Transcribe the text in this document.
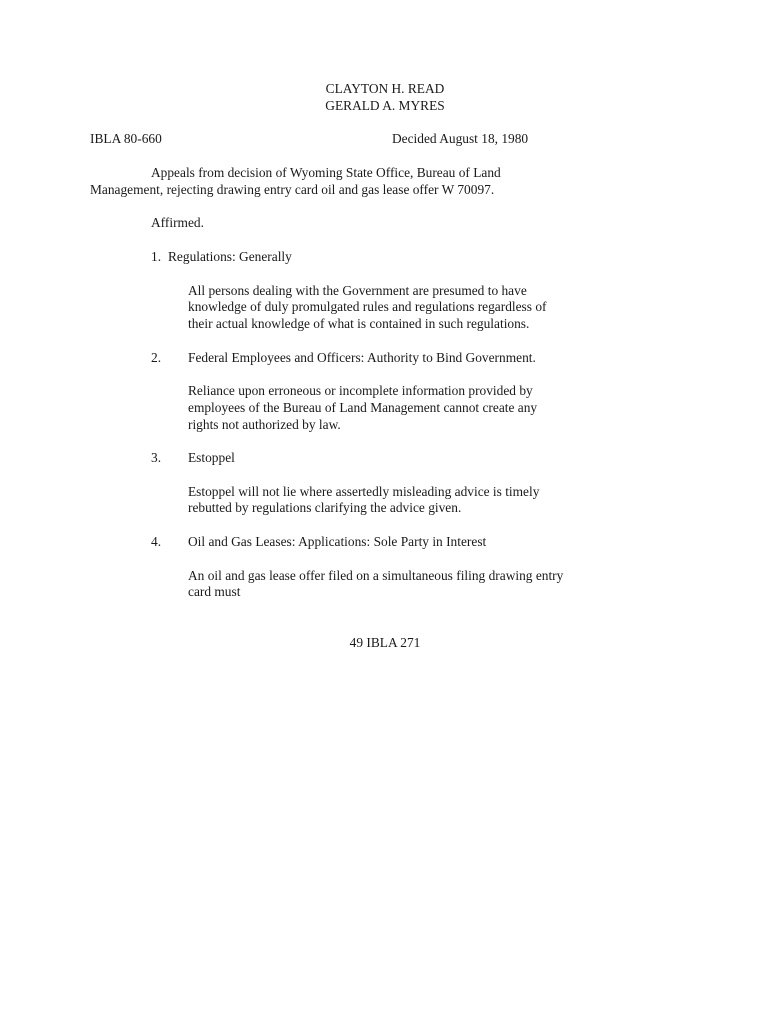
CLAYTON H. READ
GERALD A. MYRES
IBLA 80-660	Decided August 18, 1980
Appeals from decision of Wyoming State Office, Bureau of Land
Management, rejecting drawing entry card oil and gas lease offer W 70097.
Affirmed.
1. Regulations: Generally
All persons dealing with the Government are presumed to have
knowledge of duly promulgated rules and regulations regardless of
their actual knowledge of what is contained in such regulations.
2. Federal Employees and Officers: Authority to Bind Government.
Reliance upon erroneous or incomplete information provided by
employees of the Bureau of Land Management cannot create any
rights not authorized by law.
3. Estoppel
Estoppel will not lie where assertedly misleading advice is timely
rebutted by regulations clarifying the advice given.
4. Oil and Gas Leases: Applications: Sole Party in Interest
An oil and gas lease offer filed on a simultaneous filing drawing entry
card must
49 IBLA 271
